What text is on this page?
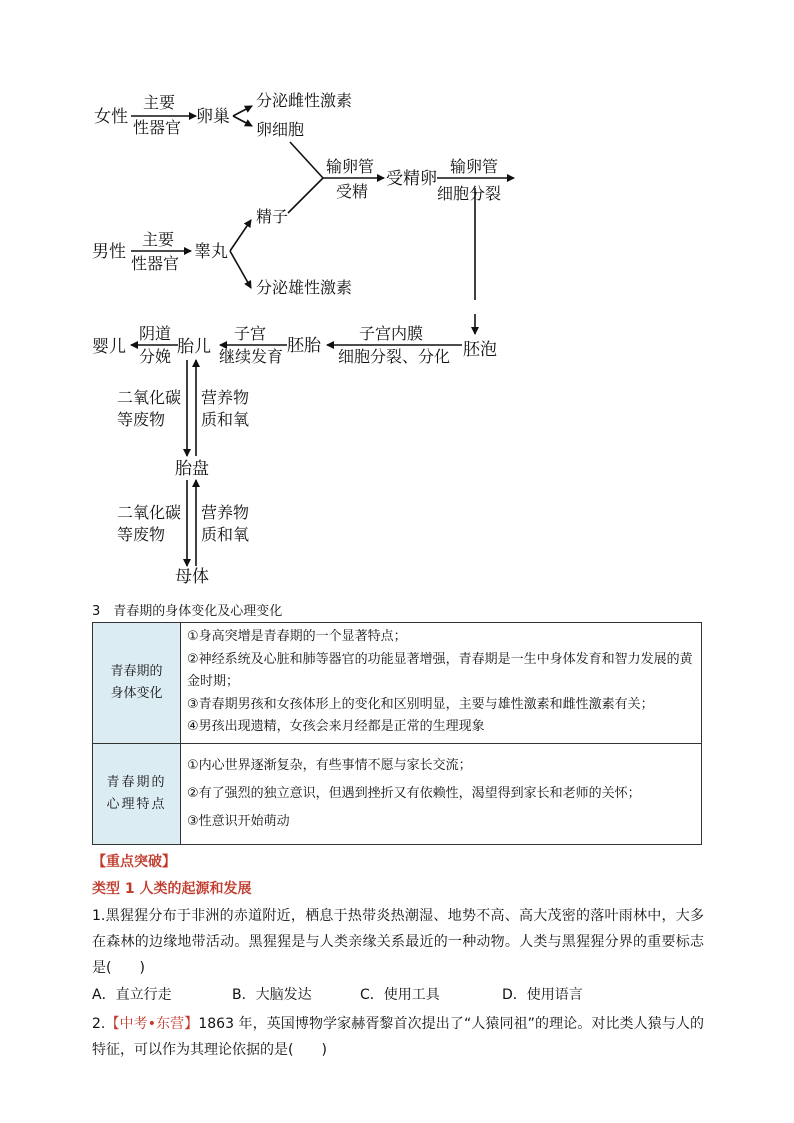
女性
主要
性器官
卵巢
分泌雌性激素
卵细胞
男性
主要
性器官
睾丸
精子
分泌雄性激素
输卵管
受精
受精卵
输卵管
细胞分裂
胚泡
子宫内膜
细胞分裂、分化
胚胎
子宫
继续发育
胎儿
阴道
分娩
婴儿
二氧化碳
等废物
营养物
质和氧
胎盘
二氧化碳
等废物
营养物
质和氧
母体
3　青春期的身体变化及心理变化
青春期的身体变化	①身高突增是青春期的一个显著特点；
②神经系统及心脏和肺等器官的功能显著增强，青春期是一生中身体发育和智力发展的黄金时期；
③青春期男孩和女孩体形上的变化和区别明显，主要与雄性激素和雌性激素有关；
④男孩出现遗精，女孩会来月经都是正常的生理现象

青春期的心理特点	①内心世界逐渐复杂，有些事情不愿与家长交流；
②有了强烈的独立意识，但遇到挫折又有依赖性，渴望得到家长和老师的关怀；
③性意识开始萌动
【重点突破】
类型 1 人类的起源和发展
1.黑猩猩分布于非洲的赤道附近，栖息于热带炎热潮湿、地势不高、高大茂密的落叶雨林中，大多在森林的边缘地带活动。黑猩猩是与人类亲缘关系最近的一种动物。人类与黑猩猩分界的重要标志是(　　)
A．直立行走	B．大脑发达	C．使用工具	D．使用语言
2.【中考•东营】1863 年，英国博物学家赫胥黎首次提出了“人猿同祖”的理论。对比类人猿与人的特征，可以作为其理论依据的是(　　)
